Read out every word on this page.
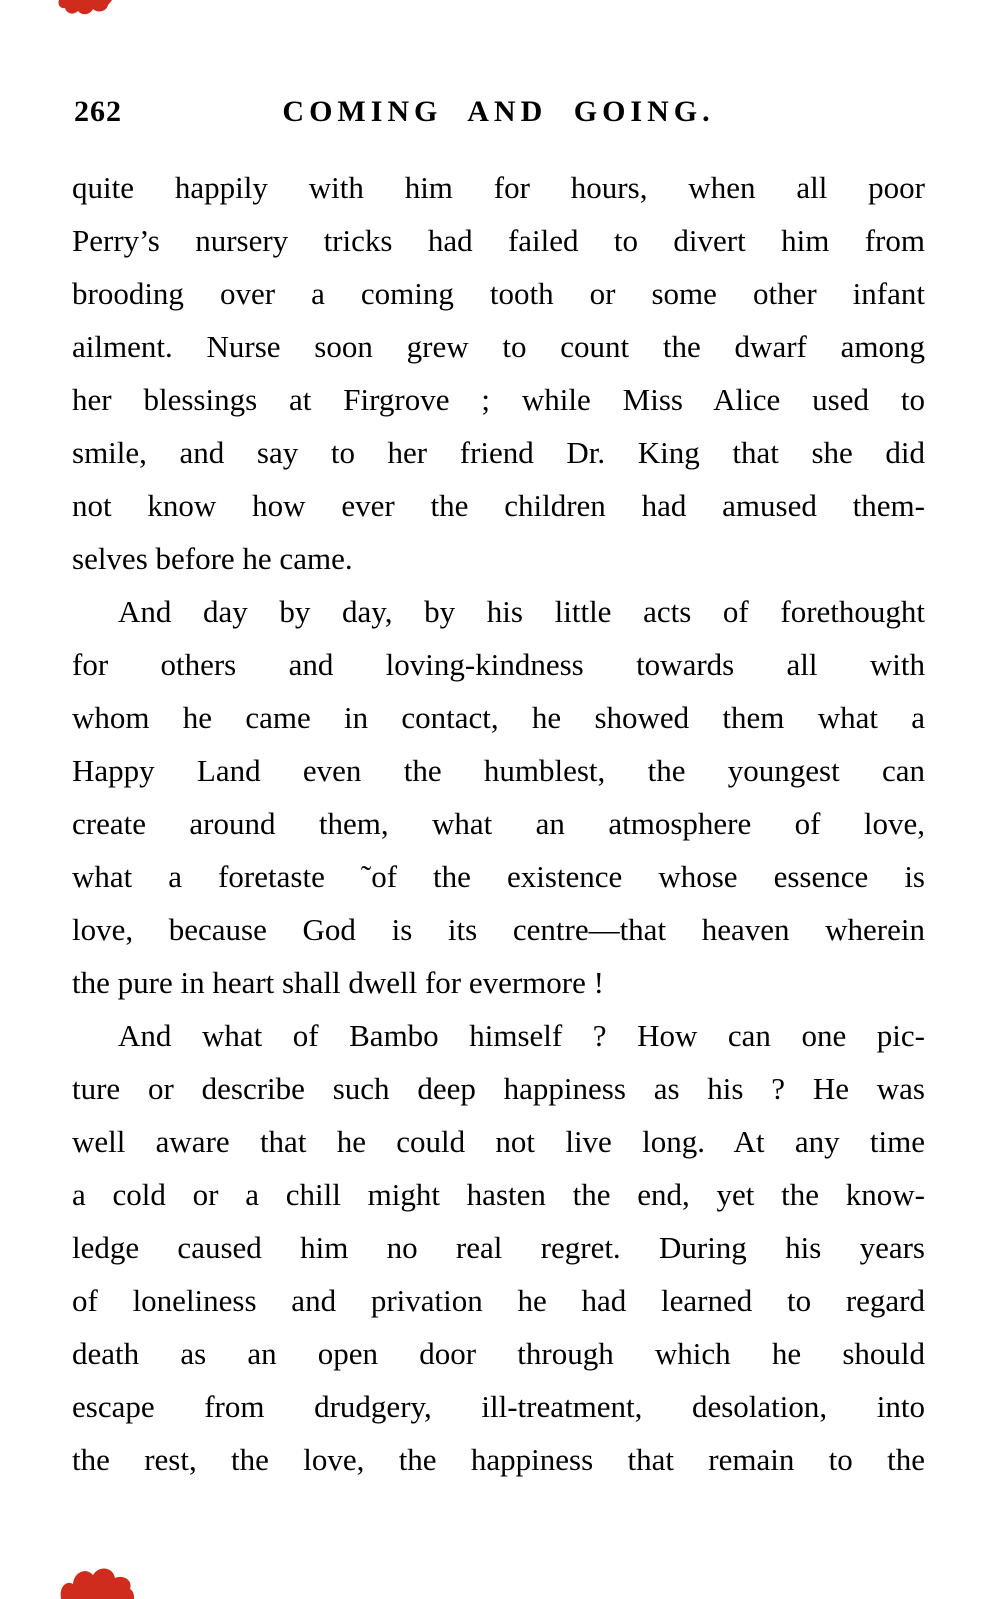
262	COMING AND GOING.
quite happily with him for hours, when all poor
Perry’s nursery tricks had failed to divert him from
brooding over a coming tooth or some other infant
ailment. Nurse soon grew to count the dwarf among
her blessings at Firgrove ; while Miss Alice used to
smile, and say to her friend Dr. King that she did
not know how ever the children had amused them-
selves before he came.
And day by day, by his little acts of forethought
for others and loving-kindness towards all with
whom he came in contact, he showed them what a
Happy Land even the humblest, the youngest can
create around them, what an atmosphere of love,
what a foretaste ˜of the existence whose essence is
love, because God is its centre—that heaven wherein
the pure in heart shall dwell for evermore !
And what of Bambo himself ? How can one pic-
ture or describe such deep happiness as his ? He was
well aware that he could not live long. At any time
a cold or a chill might hasten the end, yet the know-
ledge caused him no real regret. During his years
of loneliness and privation he had learned to regard
death as an open door through which he should
escape from drudgery, ill-treatment, desolation, into
the rest, the love, the happiness that remain to the
